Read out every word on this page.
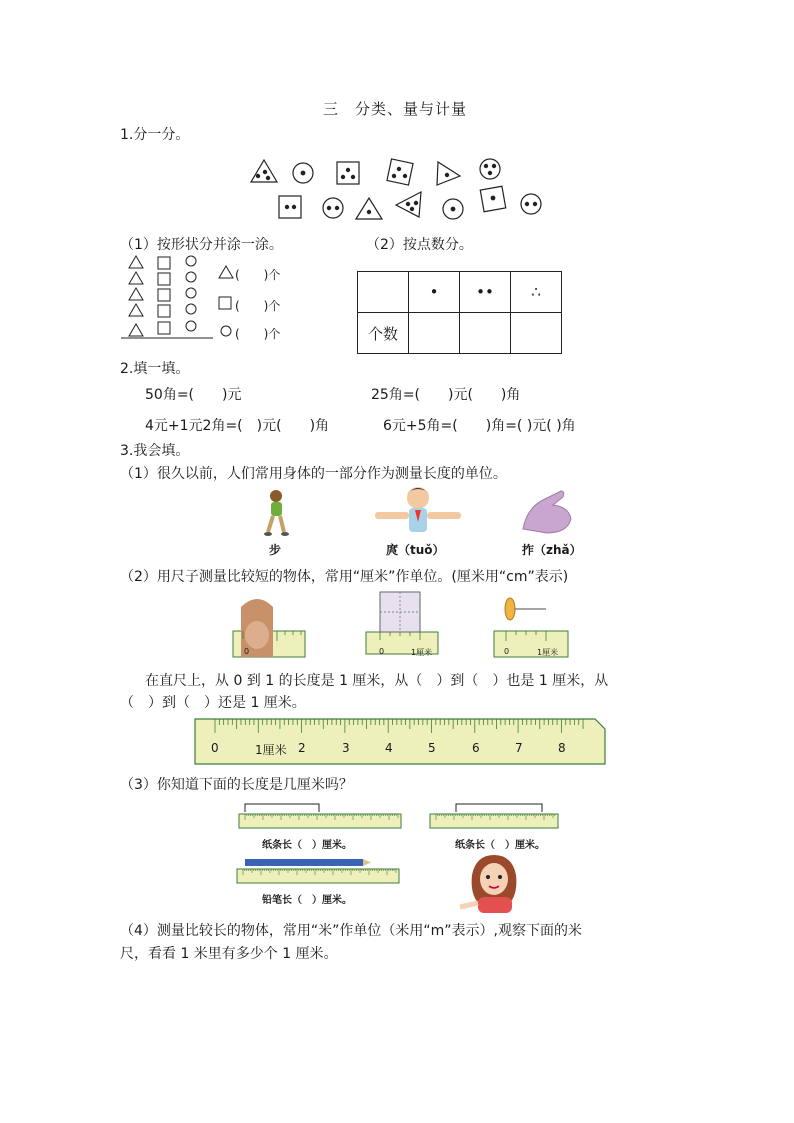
三　分类、量与计量
1.分一分。
（1）按形状分并涂一涂。	（2）按点数分。
(　　)个
(　　)个
(　　)个
	•	••	∴
个数			
2.填一填。
50角=(　　)元	25角=(　　)元(　　)角
4元+1元2角=(　)元(　　)角	6元+5角=(　　)角=( )元( )角
3.我会填。
（1）很久以前，人们常用身体的一部分作为测量长度的单位。
步	庹（tuǒ）	拃（zhǎ）
（2）用尺子测量比较短的物体，常用“厘米”作单位。(厘米用“cm”表示)
0	0	1厘米	0	1厘米
在直尺上，从 0 到 1 的长度是 1 厘米，从（　）到（　）也是 1 厘米，从
（　）到（　）还是 1 厘米。
0	1厘米 2	3	4	5	6	7	8
（3）你知道下面的长度是几厘米吗？
纸条长（　）厘米。	纸条长（　）厘米。
铅笔长（　）厘米。
（4）测量比较长的物体，常用“米”作单位（米用“m”表示）,观察下面的米
尺，看看 1 米里有多少个 1 厘米。
